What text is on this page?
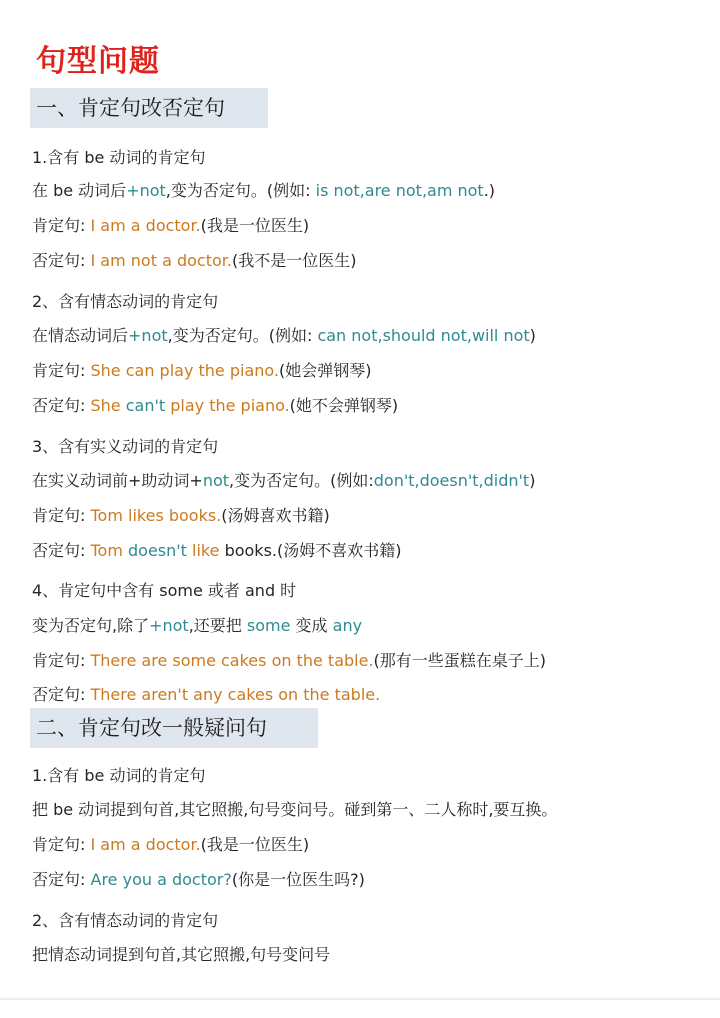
句型问题
一、肯定句改否定句
1.含有 be 动词的肯定句
在 be 动词后+not,变为否定句。(例如: is not,are not,am not.)
肯定句: I am a doctor.(我是一位医生)
否定句: I am not a doctor.(我不是一位医生)
2、含有情态动词的肯定句
在情态动词后+not,变为否定句。(例如: can not,should not,will not)
肯定句: She can play the piano.(她会弹钢琴)
否定句: She can't play the piano.(她不会弹钢琴)
3、含有实义动词的肯定句
在实义动词前+助动词+not,变为否定句。(例如:don't,doesn't,didn't)
肯定句: Tom likes books.(汤姆喜欢书籍)
否定句: Tom doesn't like books.(汤姆不喜欢书籍)
4、肯定句中含有 some 或者 and 时
变为否定句,除了+not,还要把 some 变成 any
肯定句: There are some cakes on the table.(那有一些蛋糕在桌子上)
否定句: There aren't any cakes on the table.
二、肯定句改一般疑问句
1.含有 be 动词的肯定句
把 be 动词提到句首,其它照搬,句号变问号。碰到第一、二人称时,要互换。
肯定句: I am a doctor.(我是一位医生)
否定句: Are you a doctor?(你是一位医生吗?)
2、含有情态动词的肯定句
把情态动词提到句首,其它照搬,句号变问号
